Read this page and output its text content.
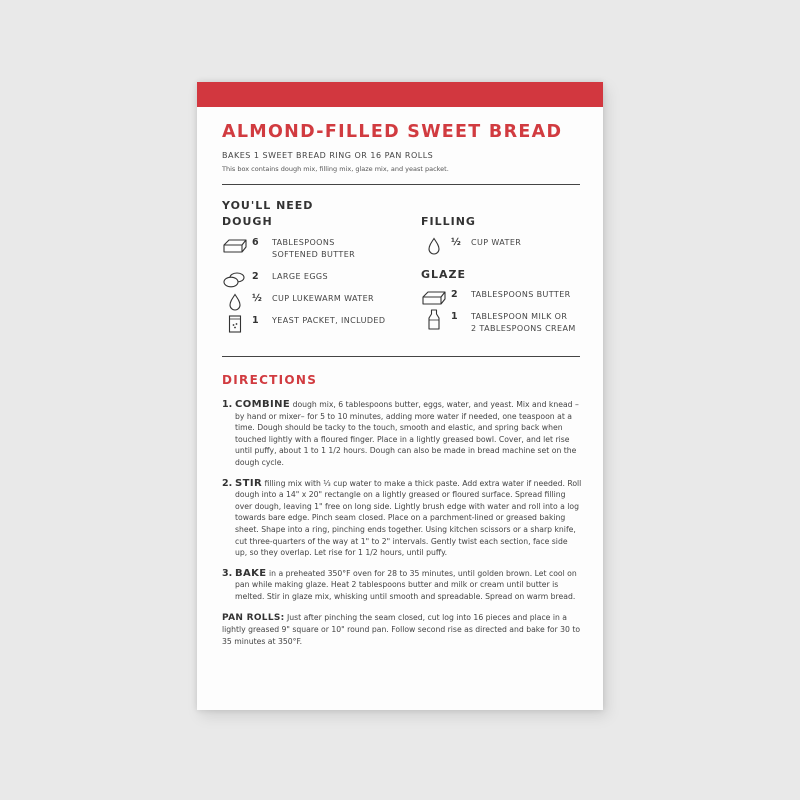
ALMOND-FILLED SWEET BREAD
BAKES 1 SWEET BREAD RING OR 16 PAN ROLLS
This box contains dough mix, filling mix, glaze mix, and yeast packet.
YOU'LL NEED
DOUGH	FILLING
GLAZE
6	TABLESPOONS
SOFTENED BUTTER
2	LARGE EGGS
½	CUP LUKEWARM WATER
1	YEAST PACKET, INCLUDED
½	CUP WATER
2	TABLESPOONS BUTTER
1	TABLESPOON MILK OR
2 TABLESPOONS CREAM
DIRECTIONS
1. COMBINE dough mix, 6 tablespoons butter, eggs, water, and yeast. Mix and knead – by hand or mixer– for 5 to 10 minutes, adding more water if needed, one teaspoon at a time. Dough should be tacky to the touch, smooth and elastic, and spring back when touched lightly with a floured finger. Place in a lightly greased bowl. Cover, and let rise until puffy, about 1 to 1 1/2 hours. Dough can also be made in bread machine set on the dough cycle.
2. STIR filling mix with ⅓ cup water to make a thick paste. Add extra water if needed. Roll dough into a 14" x 20" rectangle on a lightly greased or floured surface. Spread filling over dough, leaving 1" free on long side. Lightly brush edge with water and roll into a log towards bare edge. Pinch seam closed. Place on a parchment-lined or greased baking sheet. Shape into a ring, pinching ends together. Using kitchen scissors or a sharp knife, cut three-quarters of the way at 1" to 2" intervals. Gently twist each section, face side up, so they overlap. Let rise for 1 1/2 hours, until puffy.
3. BAKE in a preheated 350°F oven for 28 to 35 minutes, until golden brown. Let cool on pan while making glaze. Heat 2 tablespoons butter and milk or cream until butter is melted. Stir in glaze mix, whisking until smooth and spreadable. Spread on warm bread.
PAN ROLLS: Just after pinching the seam closed, cut log into 16 pieces and place in a lightly greased 9" square or 10" round pan. Follow second rise as directed and bake for 30 to 35 minutes at 350°F.
